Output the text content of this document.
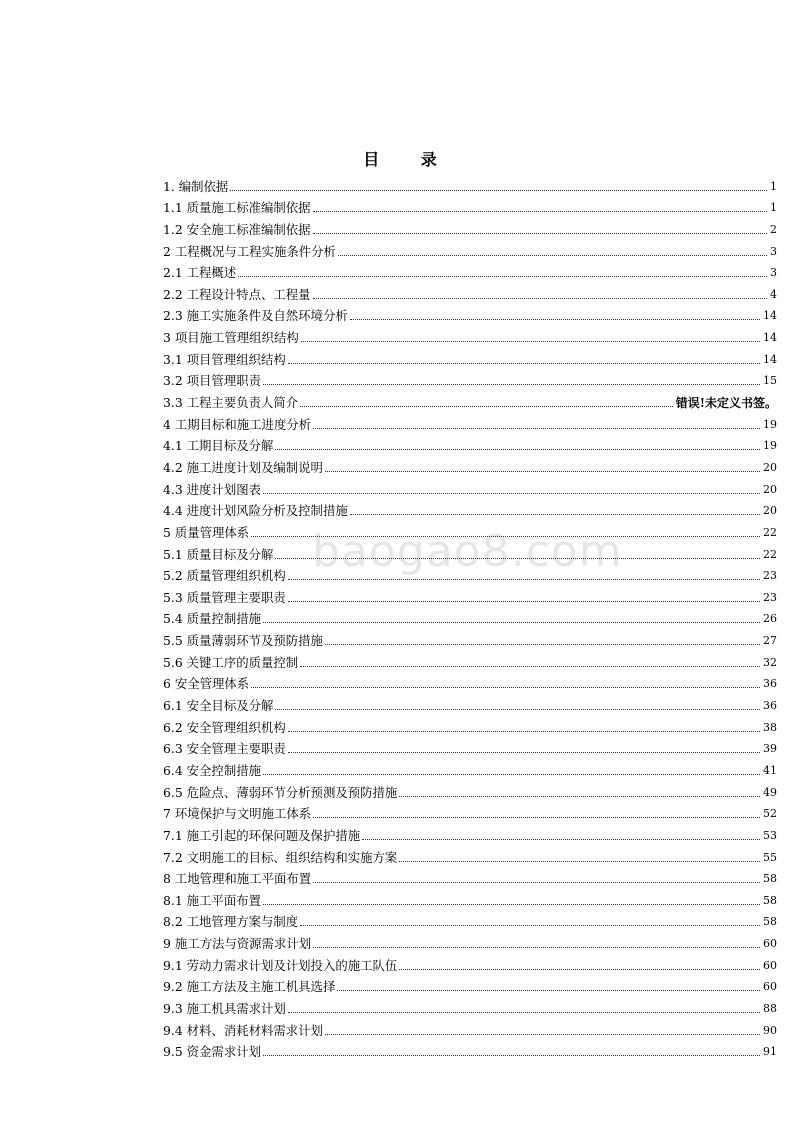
目 录
baogao8.com
1. 编制依据	1
1.1 质量施工标准编制依据	1
1.2 安全施工标准编制依据	2
2 工程概况与工程实施条件分析	3
2.1 工程概述	3
2.2 工程设计特点、工程量	4
2.3 施工实施条件及自然环境分析	14
3 项目施工管理组织结构	14
3.1 项目管理组织结构	14
3.2 项目管理职责	15
3.3 工程主要负责人简介	错误!未定义书签。
4 工期目标和施工进度分析	19
4.1 工期目标及分解	19
4.2 施工进度计划及编制说明	20
4.3 进度计划图表	20
4.4 进度计划风险分析及控制措施	20
5 质量管理体系	22
5.1 质量目标及分解	22
5.2 质量管理组织机构	23
5.3 质量管理主要职责	23
5.4 质量控制措施	26
5.5 质量薄弱环节及预防措施	27
5.6 关键工序的质量控制	32
6 安全管理体系	36
6.1 安全目标及分解	36
6.2 安全管理组织机构	38
6.3 安全管理主要职责	39
6.4 安全控制措施	41
6.5 危险点、薄弱环节分析预测及预防措施	49
7 环境保护与文明施工体系	52
7.1 施工引起的环保问题及保护措施	53
7.2 文明施工的目标、组织结构和实施方案	55
8 工地管理和施工平面布置	58
8.1 施工平面布置	58
8.2 工地管理方案与制度	58
9 施工方法与资源需求计划	60
9.1 劳动力需求计划及计划投入的施工队伍	60
9.2 施工方法及主施工机具选择	60
9.3 施工机具需求计划	88
9.4 材料、消耗材料需求计划	90
9.5 资金需求计划	91
